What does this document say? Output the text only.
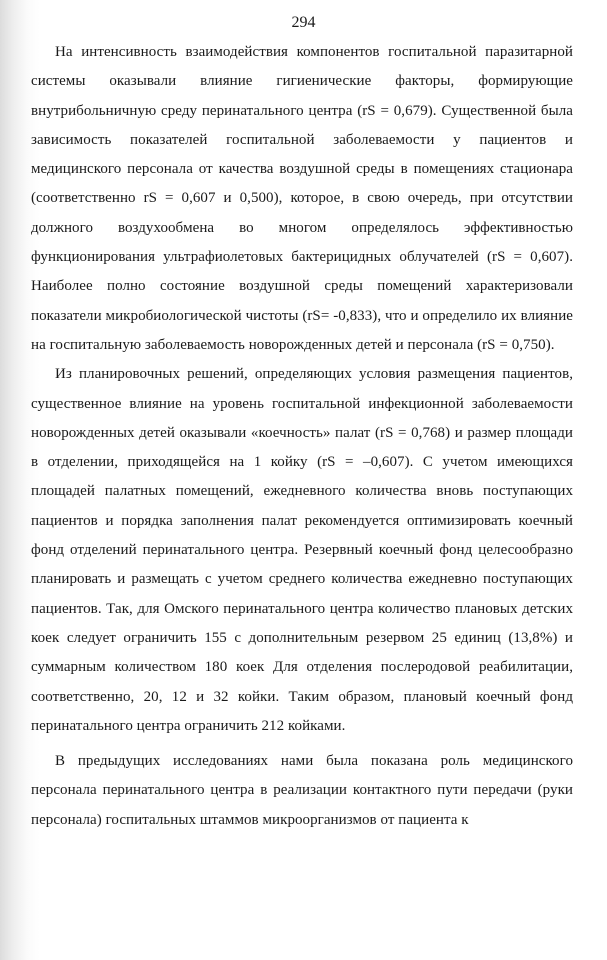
294

На интенсивность взаимодействия компонентов госпитальной паразитарной системы оказывали влияние гигиенические факторы, формирующие внутрибольничную среду перинатального центра (rS = 0,679). Существенной была зависимость показателей госпитальной заболеваемости у пациентов и медицинского персонала от качества воздушной среды в помещениях стационара (соответственно rS = 0,607 и 0,500), которое, в свою очередь, при отсутствии должного воздухообмена во многом определялось эффективностью функционирования ультрафиолетовых бактерицидных облучателей (rS = 0,607). Наиболее полно состояние воздушной среды помещений характеризовали показатели микробиологической чистоты (rS= -0,833), что и определило их влияние на госпитальную заболеваемость новорожденных детей и персонала (rS = 0,750).

Из планировочных решений, определяющих условия размещения пациентов, существенное влияние на уровень госпитальной инфекционной заболеваемости новорожденных детей оказывали «коечность» палат (rS = 0,768) и размер площади в отделении, приходящейся на 1 койку (rS = –0,607). С учетом имеющихся площадей палатных помещений, ежедневного количества вновь поступающих пациентов и порядка заполнения палат рекомендуется оптимизировать коечный фонд отделений перинатального центра. Резервный коечный фонд целесообразно планировать и размещать с учетом среднего количества ежедневно поступающих пациентов. Так, для Омского перинатального центра количество плановых детских коек следует ограничить 155 с дополнительным резервом 25 единиц (13,8%) и суммарным количеством 180 коек Для отделения послеродовой реабилитации, соответственно, 20, 12 и 32 койки. Таким образом, плановый коечный фонд перинатального центра ограничить 212 койками.

В предыдущих исследованиях нами была показана роль медицинского персонала перинатального центра в реализации контактного пути передачи (руки персонала) госпитальных штаммов микроорганизмов от пациента к
